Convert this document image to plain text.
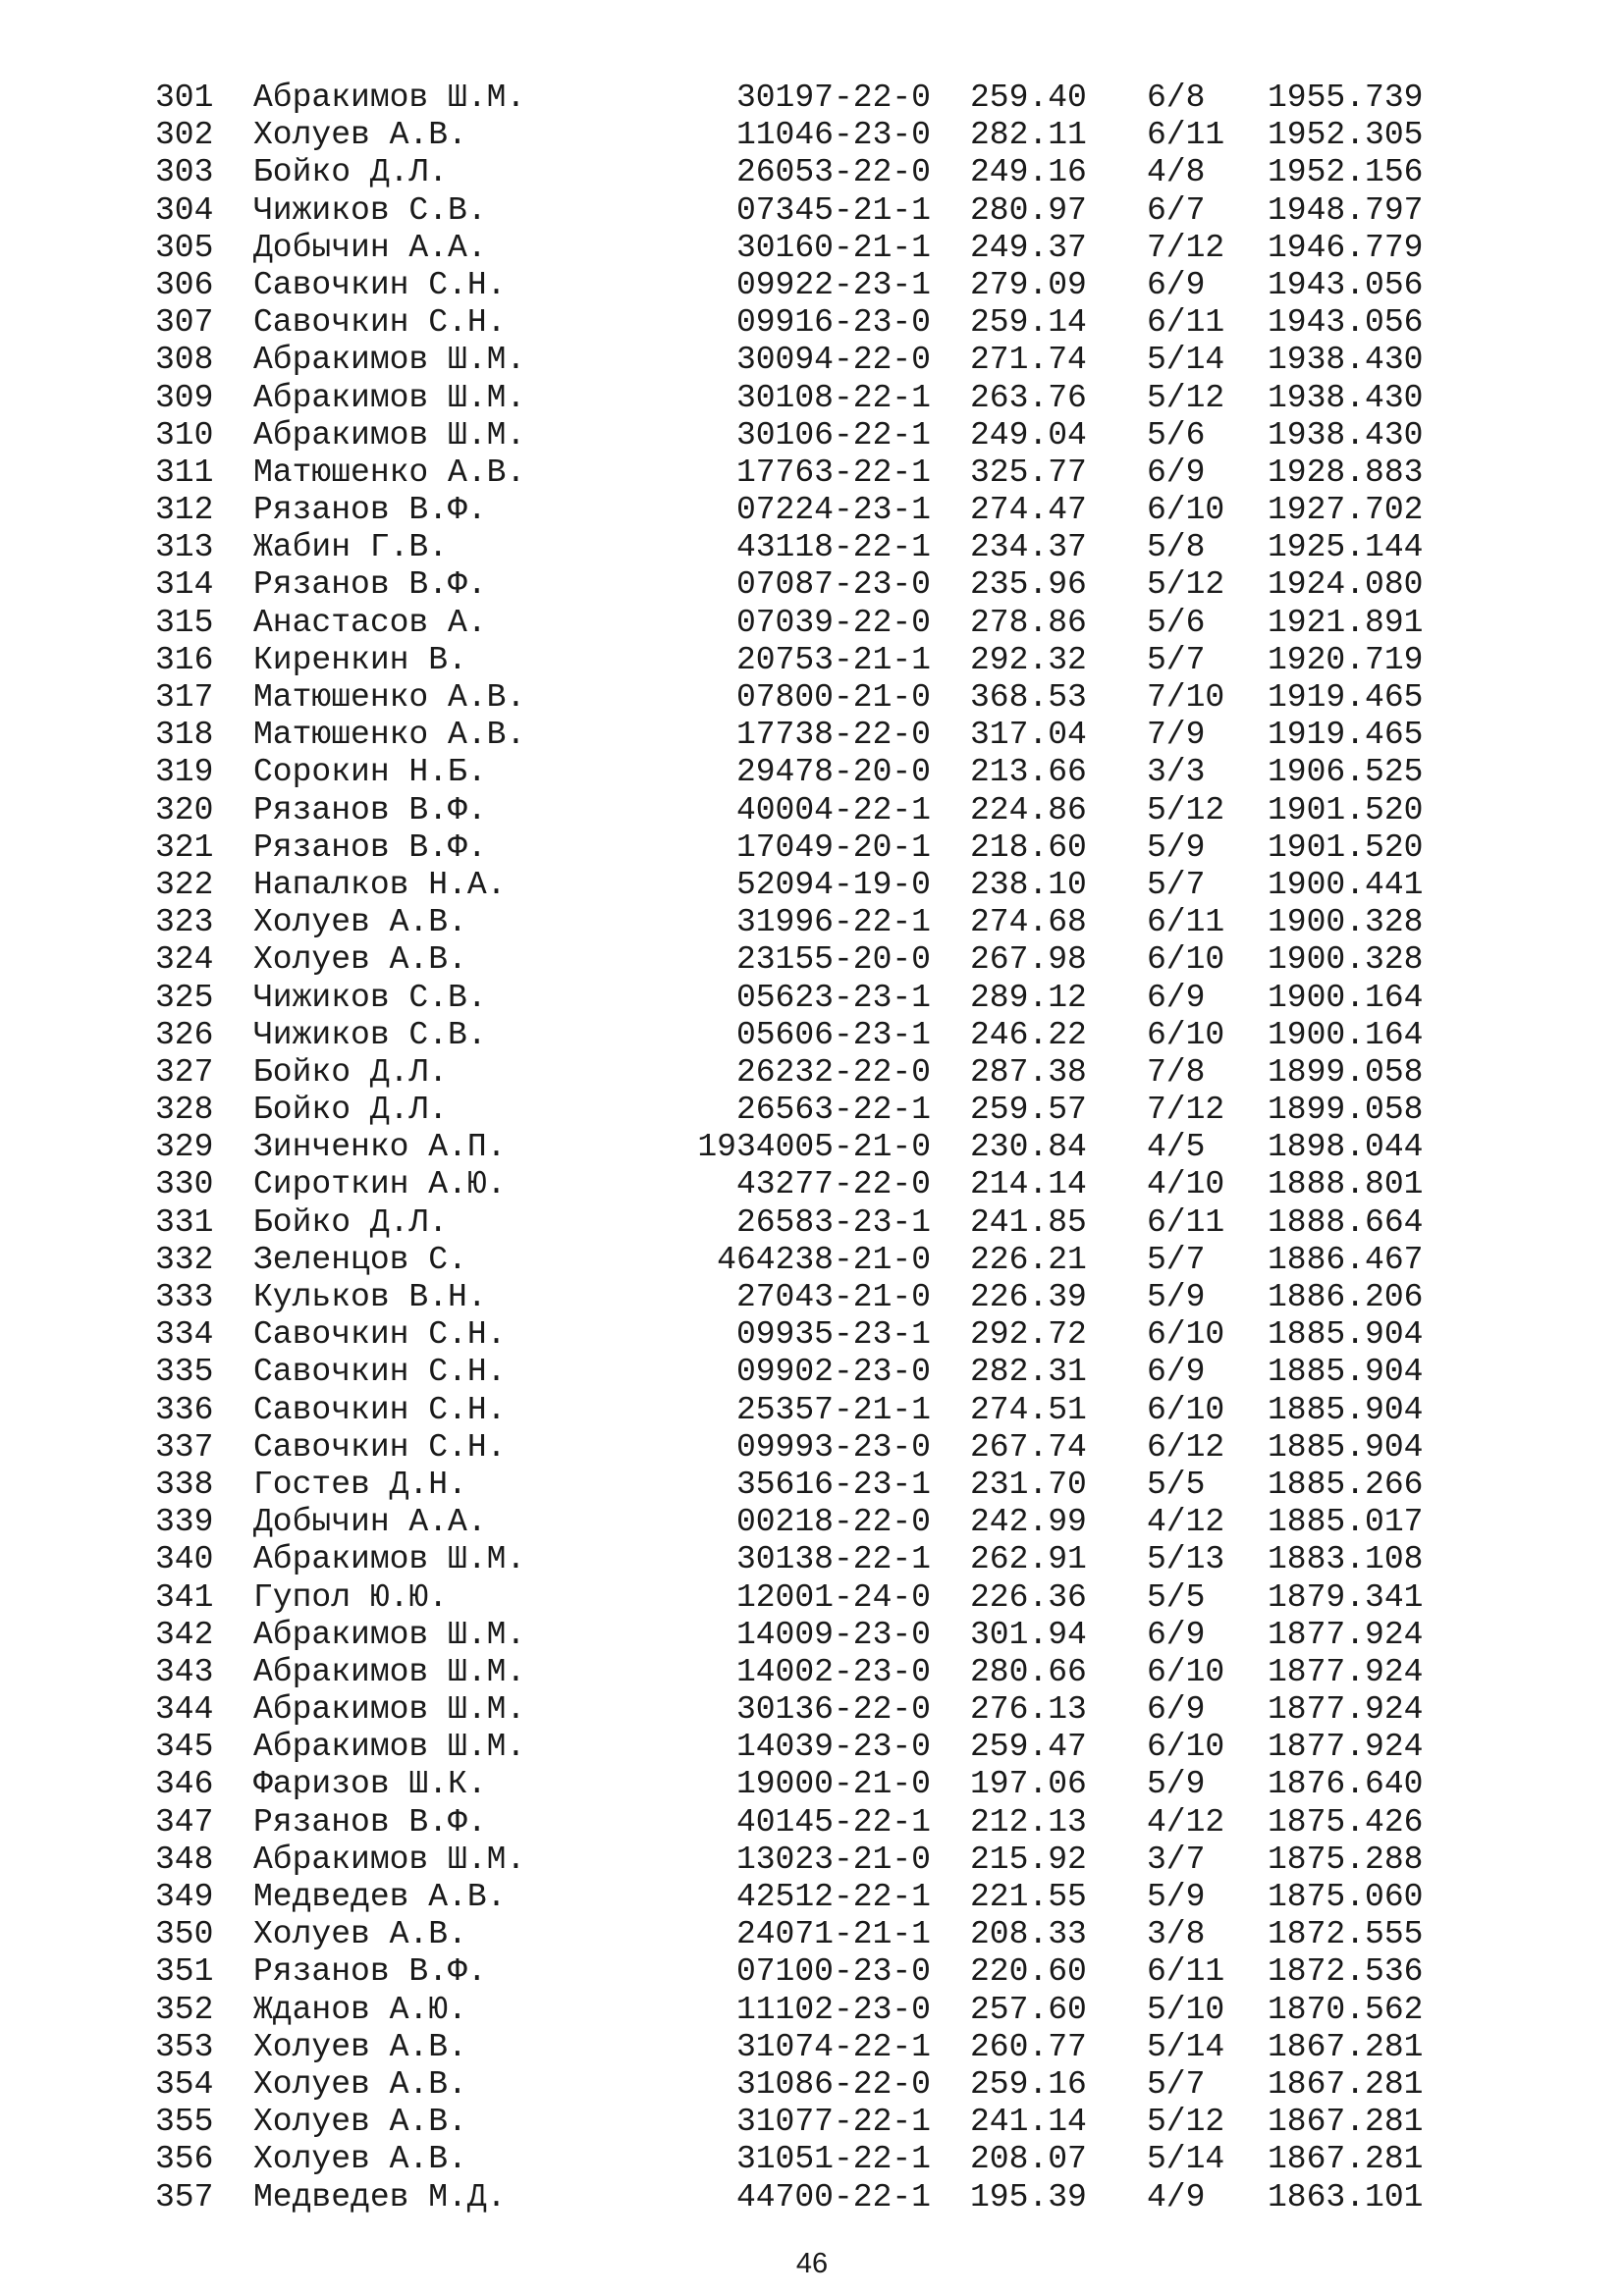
301 Абракимов Ш.М.	30197-22-0 259.40 6/8 1955.739
302 Холуев А.В.	11046-23-0 282.11 6/11 1952.305
303 Бойко Д.Л.	26053-22-0 249.16 4/8 1952.156
304 Чижиков С.В.	07345-21-1 280.97 6/7 1948.797
305 Добычин А.А.	30160-21-1 249.37 7/12 1946.779
306 Савочкин С.Н.	09922-23-1 279.09 6/9 1943.056
307 Савочкин С.Н.	09916-23-0 259.14 6/11 1943.056
308 Абракимов Ш.М.	30094-22-0 271.74 5/14 1938.430
309 Абракимов Ш.М.	30108-22-1 263.76 5/12 1938.430
310 Абракимов Ш.М.	30106-22-1 249.04 5/6 1938.430
311 Матюшенко А.В.	17763-22-1 325.77 6/9 1928.883
312 Рязанов В.Ф.	07224-23-1 274.47 6/10 1927.702
313 Жабин Г.В.	43118-22-1 234.37 5/8 1925.144
314 Рязанов В.Ф.	07087-23-0 235.96 5/12 1924.080
315 Анастасов А.	07039-22-0 278.86 5/6 1921.891
316 Киренкин В.	20753-21-1 292.32 5/7 1920.719
317 Матюшенко А.В.	07800-21-0 368.53 7/10 1919.465
318 Матюшенко А.В.	17738-22-0 317.04 7/9 1919.465
319 Сорокин Н.Б.	29478-20-0 213.66 3/3 1906.525
320 Рязанов В.Ф.	40004-22-1 224.86 5/12 1901.520
321 Рязанов В.Ф.	17049-20-1 218.60 5/9 1901.520
322 Напалков Н.А.	52094-19-0 238.10 5/7 1900.441
323 Холуев А.В.	31996-22-1 274.68 6/11 1900.328
324 Холуев А.В.	23155-20-0 267.98 6/10 1900.328
325 Чижиков С.В.	05623-23-1 289.12 6/9 1900.164
326 Чижиков С.В.	05606-23-1 246.22 6/10 1900.164
327 Бойко Д.Л.	26232-22-0 287.38 7/8 1899.058
328 Бойко Д.Л.	26563-22-1 259.57 7/12 1899.058
329 Зинченко А.П.	1934005-21-0 230.84 4/5 1898.044
330 Сироткин А.Ю.	43277-22-0 214.14 4/10 1888.801
331 Бойко Д.Л.	26583-23-1 241.85 6/11 1888.664
332 Зеленцов С.	464238-21-0 226.21 5/7 1886.467
333 Кульков В.Н.	27043-21-0 226.39 5/9 1886.206
334 Савочкин С.Н.	09935-23-1 292.72 6/10 1885.904
335 Савочкин С.Н.	09902-23-0 282.31 6/9 1885.904
336 Савочкин С.Н.	25357-21-1 274.51 6/10 1885.904
337 Савочкин С.Н.	09993-23-0 267.74 6/12 1885.904
338 Гостев Д.Н.	35616-23-1 231.70 5/5 1885.266
339 Добычин А.А.	00218-22-0 242.99 4/12 1885.017
340 Абракимов Ш.М.	30138-22-1 262.91 5/13 1883.108
341 Гупол Ю.Ю.	12001-24-0 226.36 5/5 1879.341
342 Абракимов Ш.М.	14009-23-0 301.94 6/9 1877.924
343 Абракимов Ш.М.	14002-23-0 280.66 6/10 1877.924
344 Абракимов Ш.М.	30136-22-0 276.13 6/9 1877.924
345 Абракимов Ш.М.	14039-23-0 259.47 6/10 1877.924
346 Фаризов Ш.К.	19000-21-0 197.06 5/9 1876.640
347 Рязанов В.Ф.	40145-22-1 212.13 4/12 1875.426
348 Абракимов Ш.М.	13023-21-0 215.92 3/7 1875.288
349 Медведев А.В.	42512-22-1 221.55 5/9 1875.060
350 Холуев А.В.	24071-21-1 208.33 3/8 1872.555
351 Рязанов В.Ф.	07100-23-0 220.60 6/11 1872.536
352 Жданов А.Ю.	11102-23-0 257.60 5/10 1870.562
353 Холуев А.В.	31074-22-1 260.77 5/14 1867.281
354 Холуев А.В.	31086-22-0 259.16 5/7 1867.281
355 Холуев А.В.	31077-22-1 241.14 5/12 1867.281
356 Холуев А.В.	31051-22-1 208.07 5/14 1867.281
357 Медведев М.Д.	44700-22-1 195.39 4/9 1863.101
46
